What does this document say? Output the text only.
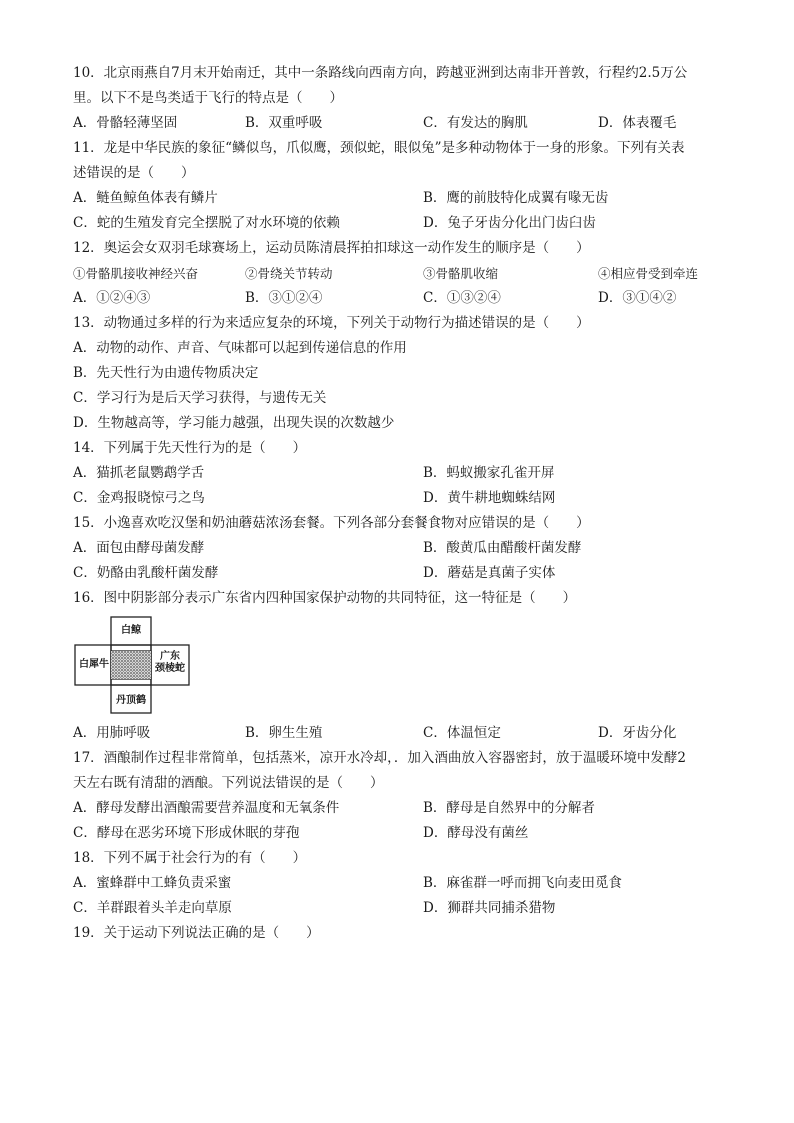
10．北京雨燕自7月末开始南迁，其中一条路线向西南方向，跨越亚洲到达南非开普敦，行程约2.5万公
里。以下不是鸟类适于飞行的特点是（　　）
A．骨骼轻薄坚固	B．双重呼吸	C．有发达的胸肌	D．体表覆毛
11．龙是中华民族的象征“鳞似鸟，爪似鹰，颈似蛇，眼似兔”是多种动物体于一身的形象。下列有关表
述错误的是（　　）
A．鲢鱼鲸鱼体表有鳞片	B．鹰的前肢特化成翼有喙无齿
C．蛇的生殖发育完全摆脱了对水环境的依赖	D．兔子牙齿分化出门齿臼齿
12．奥运会女双羽毛球赛场上，运动员陈清晨挥拍扣球这一动作发生的顺序是（　　）
①骨骼肌接收神经兴奋	②骨绕关节转动	③骨骼肌收缩	④相应骨受到牵连
A．①②④③	B．③①②④	C．①③②④	D．③①④②
13．动物通过多样的行为来适应复杂的环境，下列关于动物行为描述错误的是（　　）
A．动物的动作、声音、气味都可以起到传递信息的作用
B．先天性行为由遗传物质决定
C．学习行为是后天学习获得，与遗传无关
D．生物越高等，学习能力越强，出现失误的次数越少
14．下列属于先天性行为的是（　　）
A．猫抓老鼠鹦鹉学舌	B．蚂蚁搬家孔雀开屏
C．金鸡报晓惊弓之鸟	D．黄牛耕地蜘蛛结网
15．小逸喜欢吃汉堡和奶油蘑菇浓汤套餐。下列各部分套餐食物对应错误的是（　　）
A．面包由酵母菌发酵	B．酸黄瓜由醋酸杆菌发酵
C．奶酪由乳酸杆菌发酵	D．蘑菇是真菌子实体
16．图中阴影部分表示广东省内四种国家保护动物的共同特征，这一特征是（　　）
白鲸
白犀牛
广东
颈棱蛇
丹顶鹤
A．用肺呼吸	B．卵生生殖	C．体温恒定	D．牙齿分化
17．酒酿制作过程非常简单，包括蒸米，凉开水冷却，．加入酒曲放入容器密封，放于温暖环境中发酵2
天左右既有清甜的酒酿。下列说法错误的是（　　）
A．酵母发酵出酒酿需要营养温度和无氧条件	B．酵母是自然界中的分解者
C．酵母在恶劣环境下形成休眠的芽孢	D．酵母没有菌丝
18．下列不属于社会行为的有（　　）
A．蜜蜂群中工蜂负责采蜜	B．麻雀群一呼而拥飞向麦田觅食
C．羊群跟着头羊走向草原	D．狮群共同捕杀猎物
19．关于运动下列说法正确的是（　　）
